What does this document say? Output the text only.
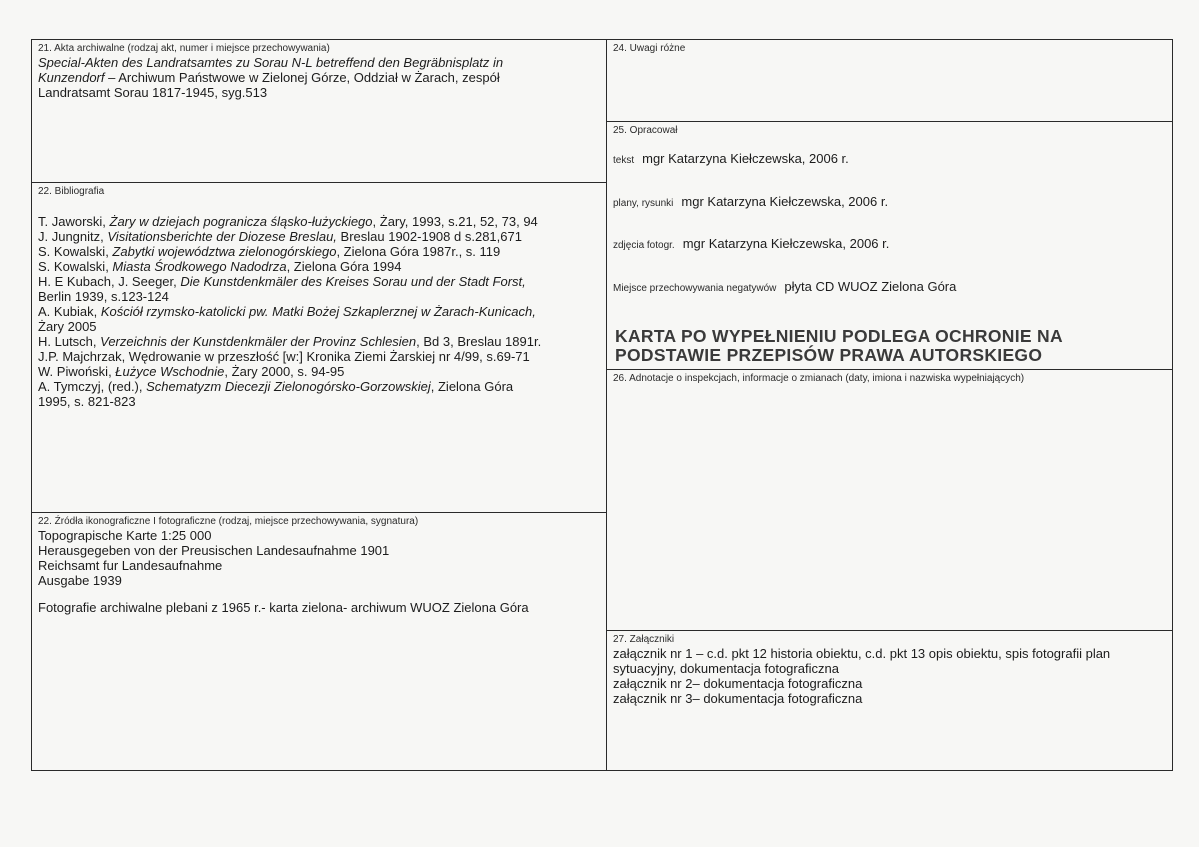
21. Akta archiwalne (rodzaj akt, numer i miejsce przechowywania)
Special-Akten des Landratsamtes zu Sorau N-L betreffend den Begräbnisplatz in
Kunzendorf – Archiwum Państwowe w Zielonej Górze, Oddział w Żarach, zespół
Landratsamt Sorau 1817-1945, syg.513
22. Bibliografia
T. Jaworski, Żary w dziejach pogranicza śląsko-łużyckiego, Żary, 1993, s.21, 52, 73, 94
J. Jungnitz, Visitationsberichte der Diozese Breslau, Breslau 1902-1908 d s.281,671
S. Kowalski, Zabytki województwa zielonogórskiego, Zielona Góra 1987r., s. 119
S. Kowalski, Miasta Środkowego Nadodrza, Zielona Góra 1994
H. E Kubach, J. Seeger, Die Kunstdenkmäler des Kreises Sorau und der Stadt Forst,
Berlin 1939, s.123-124
A. Kubiak, Kościół rzymsko-katolicki pw. Matki Bożej Szkaplerznej w Żarach-Kunicach,
Żary 2005
H. Lutsch, Verzeichnis der Kunstdenkmäler der Provinz Schlesien, Bd 3, Breslau 1891r.
J.P. Majchrzak, Wędrowanie w przeszłość [w:] Kronika Ziemi Żarskiej nr 4/99, s.69-71
W. Piwoński, Łużyce Wschodnie, Żary 2000, s. 94-95
A. Tymczyj, (red.), Schematyzm Diecezji Zielonogórsko-Gorzowskiej, Zielona Góra
1995, s. 821-823
22. Źródła ikonograficzne I fotograficzne (rodzaj, miejsce przechowywania, sygnatura)
Topograpische Karte 1:25 000
Herausgegeben von der Preusischen Landesaufnahme 1901
Reichsamt fur Landesaufnahme
Ausgabe 1939
Fotografie archiwalne plebani z 1965 r.- karta zielona- archiwum WUOZ Zielona Góra
24. Uwagi różne
25. Opracował
tekst mgr Katarzyna Kiełczewska, 2006 r.
plany, rysunki mgr Katarzyna Kiełczewska, 2006 r.
zdjęcia fotogr. mgr Katarzyna Kiełczewska, 2006 r.
Miejsce przechowywania negatywów płyta CD WUOZ Zielona Góra
KARTA PO WYPEŁNIENIU PODLEGA OCHRONIE NA
PODSTAWIE PRZEPISÓW PRAWA AUTORSKIEGO
26. Adnotacje o inspekcjach, informacje o zmianach (daty, imiona i nazwiska wypełniających)
27. Załączniki
załącznik nr 1 – c.d. pkt 12 historia obiektu, c.d. pkt 13 opis obiektu, spis fotografii plan
sytuacyjny, dokumentacja fotograficzna
załącznik nr 2– dokumentacja fotograficzna
załącznik nr 3– dokumentacja fotograficzna
